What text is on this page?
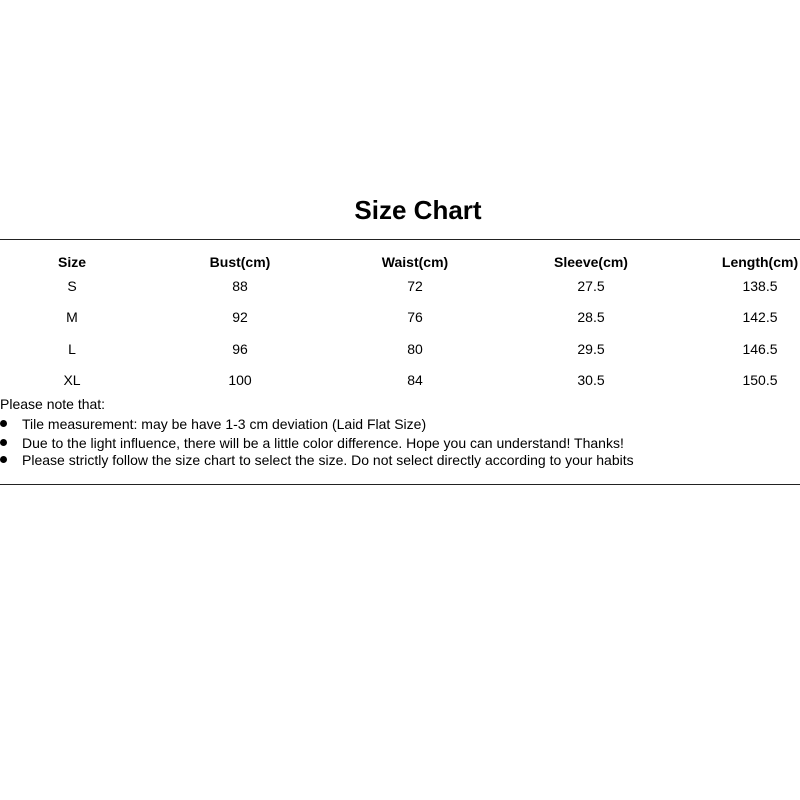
Size Chart
Size	Bust(cm)	Waist(cm)	Sleeve(cm)	Length(cm)
S	88	72	27.5	138.5
M	92	76	28.5	142.5
L	96	80	29.5	146.5
XL	100	84	30.5	150.5
Please note that:
Tile measurement: may be have 1-3 cm deviation (Laid Flat Size)
Due to the light influence, there will be a little color difference. Hope you can understand! Thanks!
Please strictly follow the size chart to select the size. Do not select directly according to your habits
